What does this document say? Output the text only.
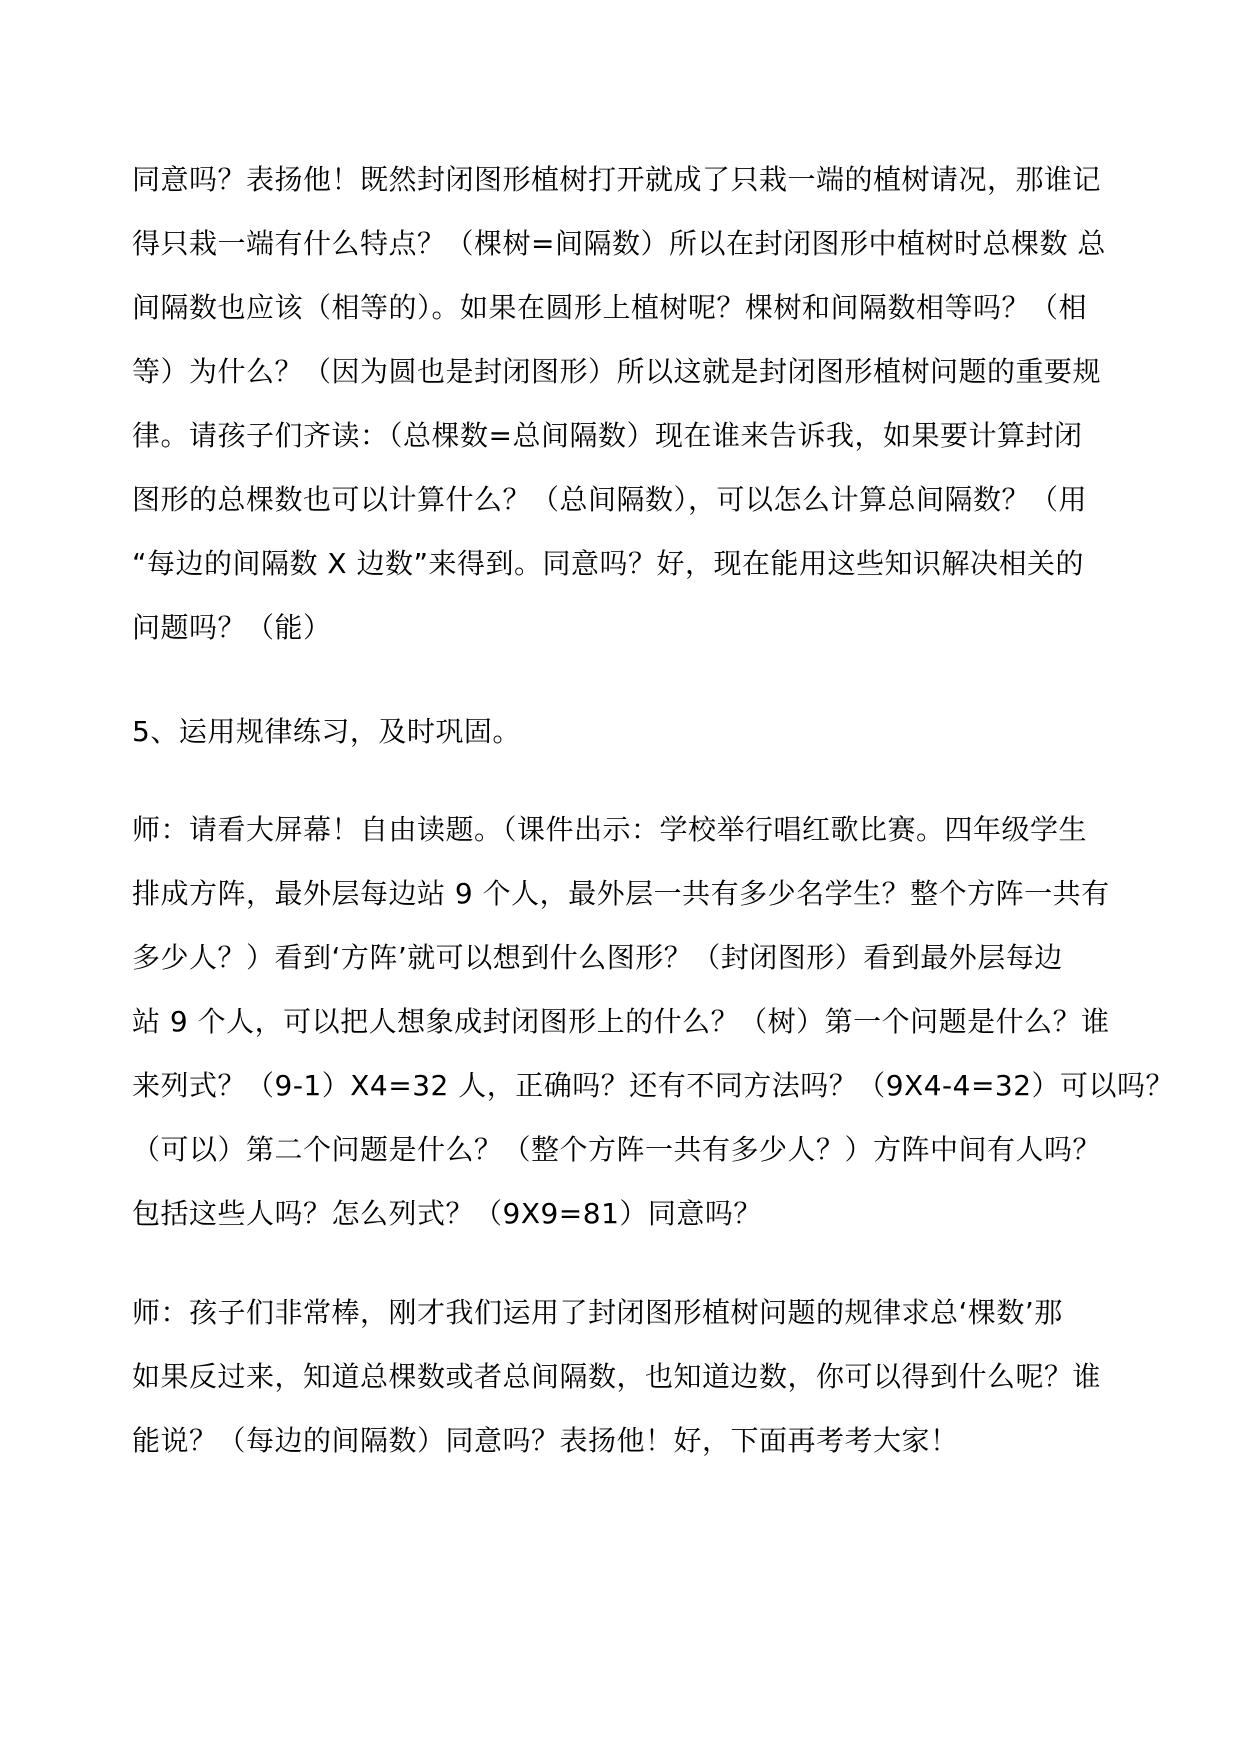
同意吗？表扬他！既然封闭图形植树打开就成了只栽一端的植树请况，那谁记
得只栽一端有什么特点？（棵树=间隔数）所以在封闭图形中植树时总棵数 总
间隔数也应该（相等的）。如果在圆形上植树呢？棵树和间隔数相等吗？（相
等）为什么？（因为圆也是封闭图形）所以这就是封闭图形植树问题的重要规
律。请孩子们齐读：（总棵数=总间隔数）现在谁来告诉我，如果要计算封闭
图形的总棵数也可以计算什么？（总间隔数），可以怎么计算总间隔数？（用
“每边的间隔数 X 边数”来得到。同意吗？好，现在能用这些知识解决相关的
问题吗？（能）
5、运用规律练习，及时巩固。
师：请看大屏幕！自由读题。（课件出示：学校举行唱红歌比赛。四年级学生
排成方阵，最外层每边站 9 个人，最外层一共有多少名学生？整个方阵一共有
多少人？）看到‘方阵’就可以想到什么图形？（封闭图形）看到最外层每边
站 9 个人，可以把人想象成封闭图形上的什么？（树）第一个问题是什么？谁
来列式？（9-1）X4=32 人，正确吗？还有不同方法吗？（9X4-4=32）可以吗？
（可以）第二个问题是什么？（整个方阵一共有多少人？）方阵中间有人吗？
包括这些人吗？怎么列式？（9X9=81）同意吗？
师：孩子们非常棒，刚才我们运用了封闭图形植树问题的规律求总‘棵数’那
如果反过来，知道总棵数或者总间隔数，也知道边数，你可以得到什么呢？谁
能说？（每边的间隔数）同意吗？表扬他！好，下面再考考大家！
